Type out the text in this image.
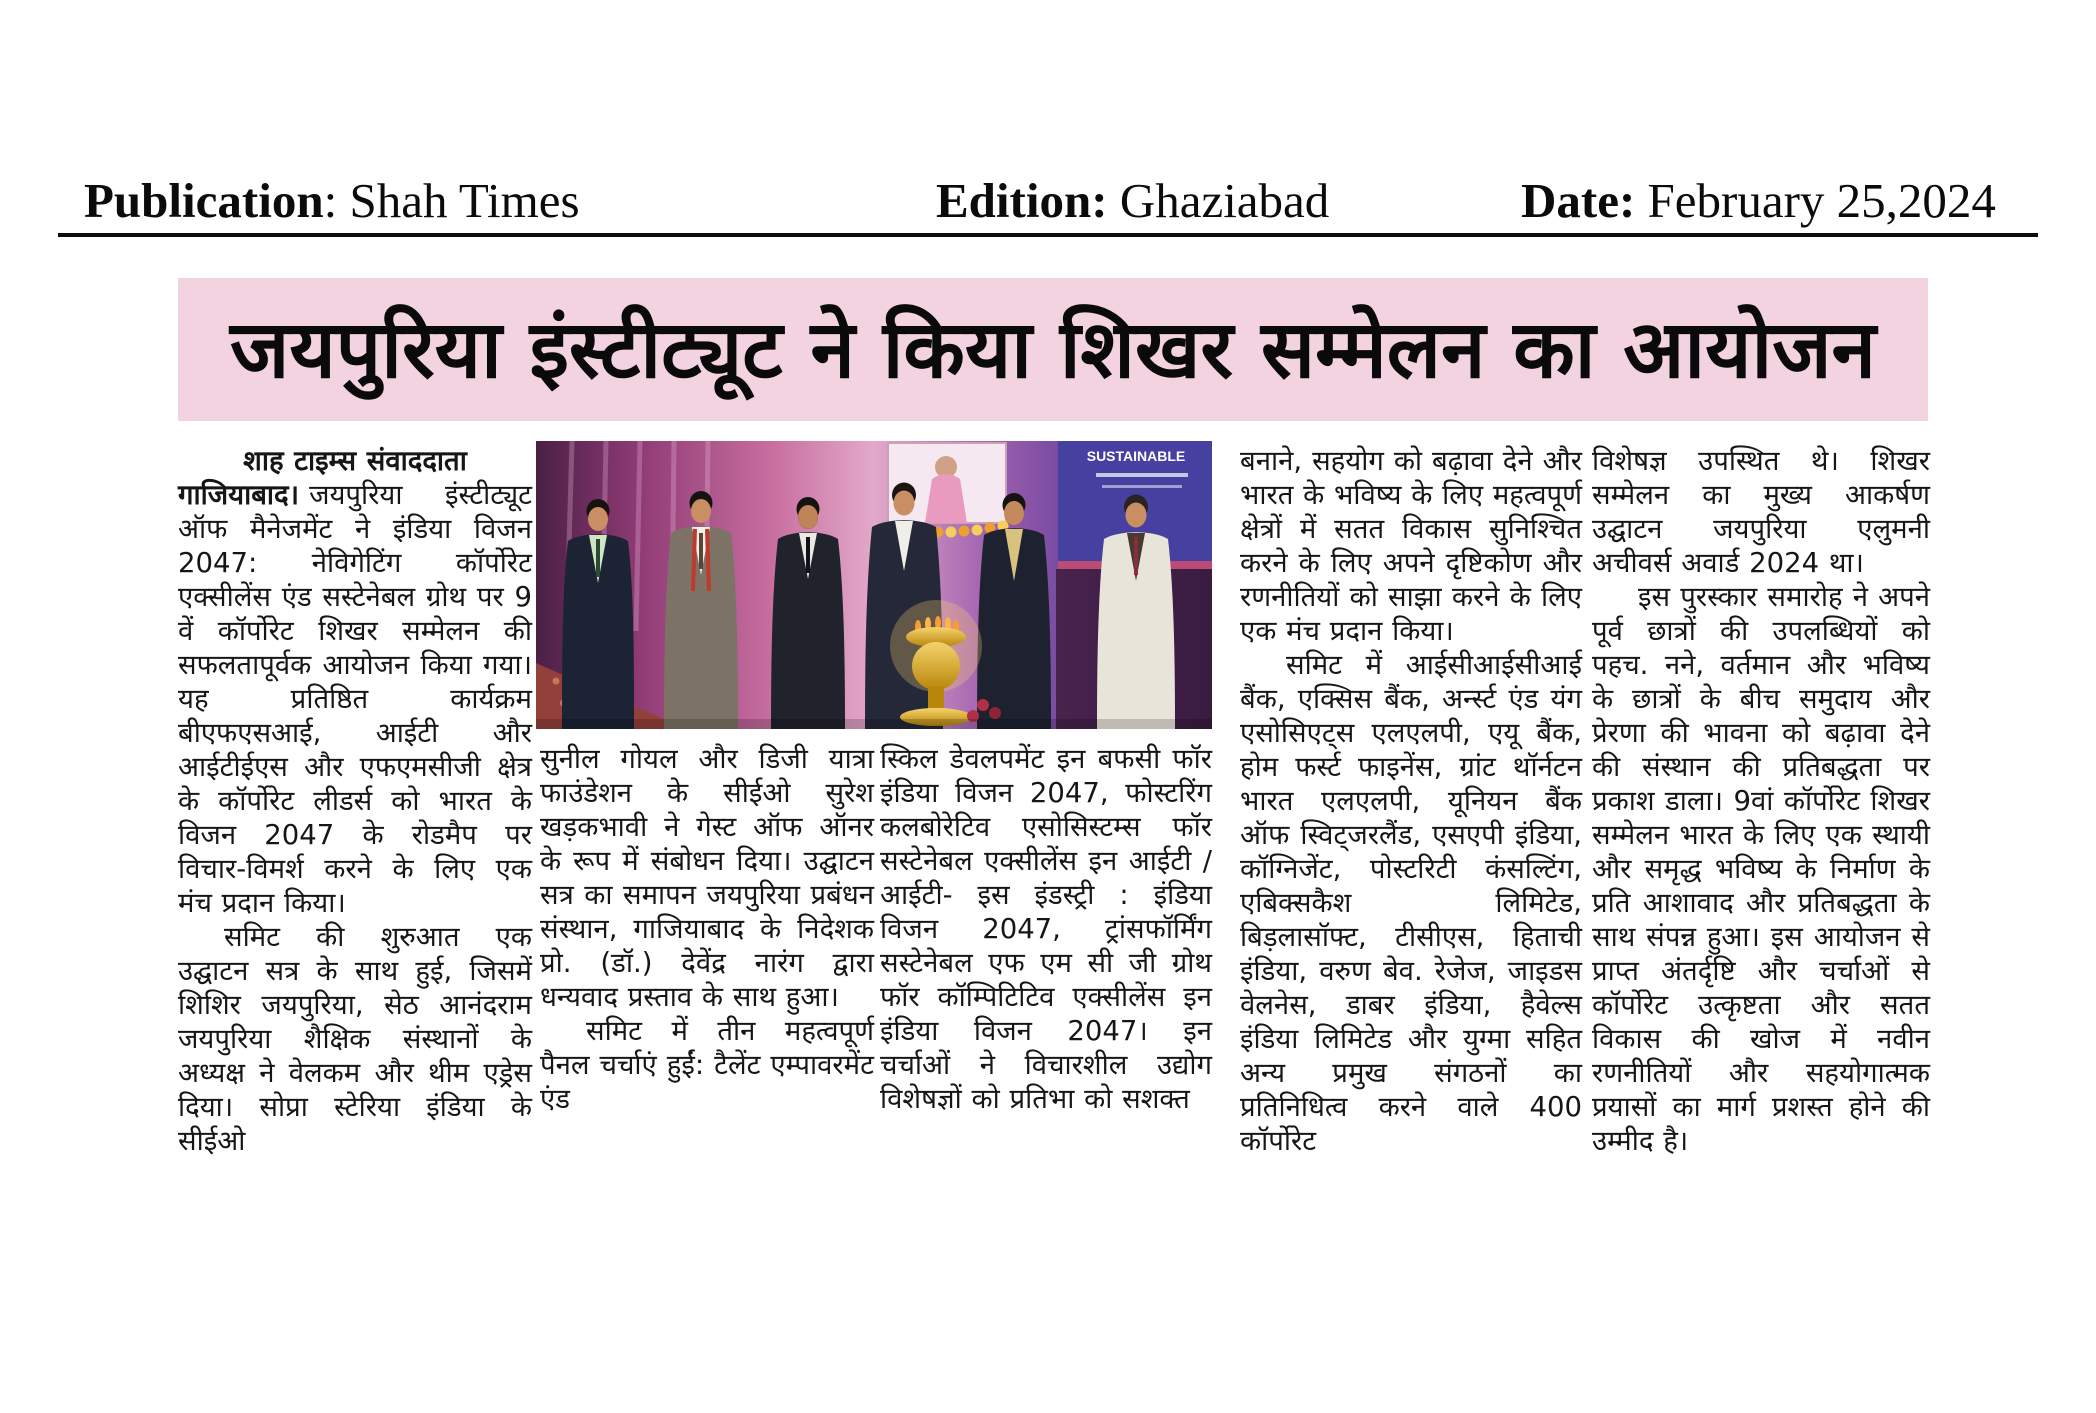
Publication: Shah Times	Edition: Ghaziabad	Date: February 25,2024
जयपुरिया इंस्टीट्यूट ने किया शिखर सम्मेलन का आयोजन

शाह टाइम्स संवाददाता

गाजियाबाद। जयपुरिया इंस्टीट्यूट ऑफ मैनेजमेंट ने इंडिया विजन 2047: नेविगेटिंग कॉर्पोरेट एक्सीलेंस एंड सस्टेनेबल ग्रोथ पर 9 वें कॉर्पोरेट शिखर सम्मेलन की सफलतापूर्वक आयोजन किया गया। यह प्रतिष्ठित कार्यक्रम बीएफएसआई, आईटी और आईटीईएस और एफएमसीजी क्षेत्र के कॉर्पोरेट लीडर्स को भारत के विजन 2047 के रोडमैप पर विचार-विमर्श करने के लिए एक मंच प्रदान किया।

समिट की शुरुआत एक उद्घाटन सत्र के साथ हुई, जिसमें शिशिर जयपुरिया, सेठ आनंदराम जयपुरिया शैक्षिक संस्थानों के अध्यक्ष ने वेलकम और थीम एड्रेस दिया। सोप्रा स्टेरिया इंडिया के सीईओ

SUSTAINABLE

सुनील गोयल और डिजी यात्रा फाउंडेशन के सीईओ सुरेश खड़कभावी ने गेस्ट ऑफ ऑनर के रूप में संबोधन दिया। उद्घाटन सत्र का समापन जयपुरिया प्रबंधन संस्थान, गाजियाबाद के निदेशक प्रो. (डॉ.) देवेंद्र नारंग द्वारा धन्यवाद प्रस्ताव के साथ हुआ।

समिट में तीन महत्वपूर्ण पैनल चर्चाएं हुईं: टैलेंट एम्पावरमेंट एंड

स्किल डेवलपमेंट इन बफसी फॉर इंडिया विजन 2047, फोस्टरिंग कलबोरेटिव एसोसिस्टम्स फॉर सस्टेनेबल एक्सीलेंस इन आईटी / आईटी- इस इंडस्ट्री : इंडिया विजन 2047, ट्रांसफॉर्मिंग सस्टेनेबल एफ एम सी जी ग्रोथ फॉर कॉम्पिटिटिव एक्सीलेंस इन इंडिया विजन 2047। इन चर्चाओं ने विचारशील उद्योग विशेषज्ञों को प्रतिभा को सशक्त

बनाने, सहयोग को बढ़ावा देने और भारत के भविष्य के लिए महत्वपूर्ण क्षेत्रों में सतत विकास सुनिश्चित करने के लिए अपने दृष्टिकोण और रणनीतियों को साझा करने के लिए एक मंच प्रदान किया।

समिट में आईसीआईसीआई बैंक, एक्सिस बैंक, अर्न्स्ट एंड यंग एसोसिएट्स एलएलपी, एयू बैंक, होम फर्स्ट फाइनेंस, ग्रांट थॉर्नटन भारत एलएलपी, यूनियन बैंक ऑफ स्विट्जरलैंड, एसएपी इंडिया, कॉग्निजेंट, पोस्टरिटी कंसल्टिंग, एबिक्सकैश लिमिटेड, बिड़लासॉफ्ट, टीसीएस, हिताची इंडिया, वरुण बेव. रेजेज, जाइडस वेलनेस, डाबर इंडिया, हैवेल्स इंडिया लिमिटेड और युग्मा सहित अन्य प्रमुख संगठनों का प्रतिनिधित्व करने वाले 400 कॉर्पोरेट

विशेषज्ञ उपस्थित थे। शिखर सम्मेलन का मुख्य आकर्षण उद्घाटन जयपुरिया एलुमनी अचीवर्स अवार्ड 2024 था।

इस पुरस्कार समारोह ने अपने पूर्व छात्रों की उपलब्धियों को पहच. नने, वर्तमान और भविष्य के छात्रों के बीच समुदाय और प्रेरणा की भावना को बढ़ावा देने की संस्थान की प्रतिबद्धता पर प्रकाश डाला। 9वां कॉर्पोरेट शिखर सम्मेलन भारत के लिए एक स्थायी और समृद्ध भविष्य के निर्माण के प्रति आशावाद और प्रतिबद्धता के साथ संपन्न हुआ। इस आयोजन से प्राप्त अंतर्दृष्टि और चर्चाओं से कॉर्पोरेट उत्कृष्टता और सतत विकास की खोज में नवीन रणनीतियों और सहयोगात्मक प्रयासों का मार्ग प्रशस्त होने की उम्मीद है।
